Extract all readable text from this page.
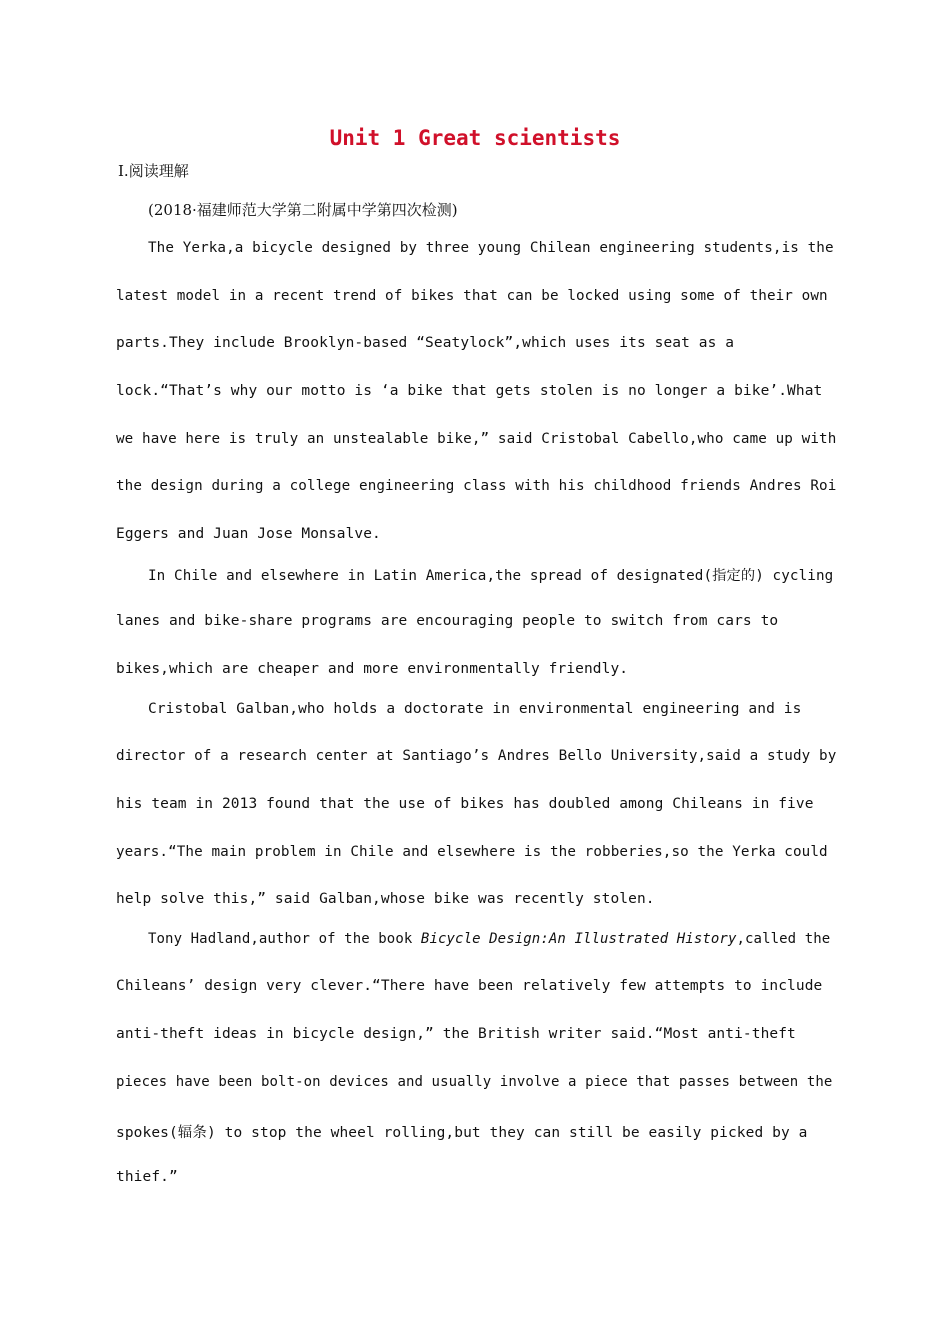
Unit 1 Great scientists
Ⅰ.阅读理解
(2018·福建师范大学第二附属中学第四次检测)
The Yerka,a bicycle designed by three young Chilean engineering students,is the
latest model in a recent trend of bikes that can be locked using some of their own
parts.They include Brooklyn-based “Seatylock”,which uses its seat as a
lock.“That’s why our motto is ‘a bike that gets stolen is no longer a bike’.What
we have here is truly an unstealable bike,” said Cristobal Cabello,who came up with
the design during a college engineering class with his childhood friends Andres Roi
Eggers and Juan Jose Monsalve.
In Chile and elsewhere in Latin America,the spread of designated(指定的) cycling
lanes and bike-share programs are encouraging people to switch from cars to
bikes,which are cheaper and more environmentally friendly.
Cristobal Galban,who holds a doctorate in environmental engineering and is
director of a research center at Santiago’s Andres Bello University,said a study by
his team in 2013 found that the use of bikes has doubled among Chileans in five
years.“The main problem in Chile and elsewhere is the robberies,so the Yerka could
help solve this,” said Galban,whose bike was recently stolen.
Tony Hadland,author of the book Bicycle Design:An Illustrated History,called the
Chileans’ design very clever.“There have been relatively few attempts to include
anti-theft ideas in bicycle design,” the British writer said.“Most anti-theft
pieces have been bolt-on devices and usually involve a piece that passes between the
spokes(辐条) to stop the wheel rolling,but they can still be easily picked by a
thief.”
